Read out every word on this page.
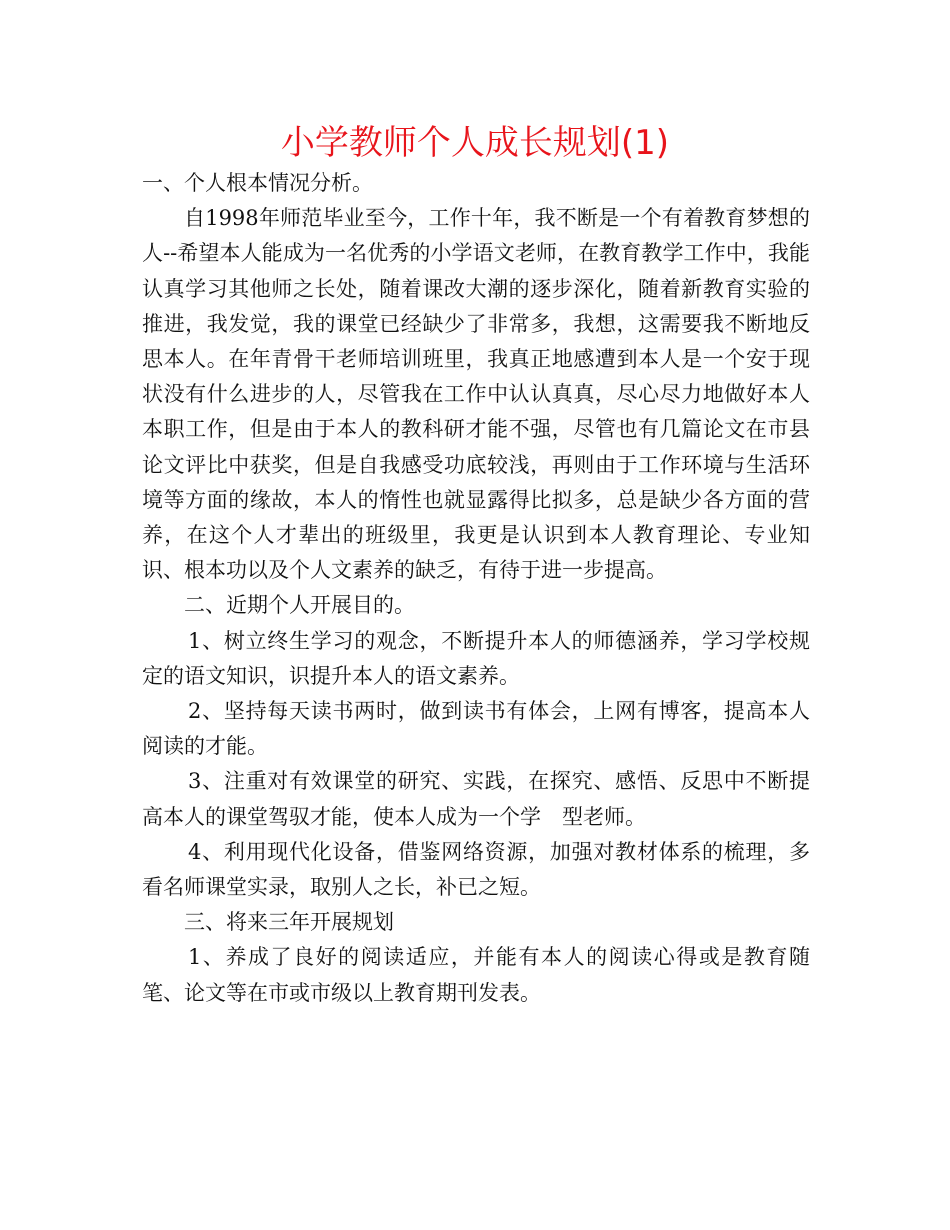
小学教师个人成长规划(1)

一、个人根本情况分析。

自1998年师范毕业至今，工作十年，我不断是一个有着教育梦想的人--希望本人能成为一名优秀的小学语文老师，在教育教学工作中，我能认真学习其他师之长处，随着课改大潮的逐步深化，随着新教育实验的推进，我发觉，我的课堂已经缺少了非常多，我想，这需要我不断地反思本人。在年青骨干老师培训班里，我真正地感遭到本人是一个安于现状没有什么进步的人，尽管我在工作中认认真真，尽心尽力地做好本人本职工作，但是由于本人的教科研才能不强，尽管也有几篇论文在市县论文评比中获奖，但是自我感受功底较浅，再则由于工作环境与生活环境等方面的缘故，本人的惰性也就显露得比拟多，总是缺少各方面的营养，在这个人才辈出的班级里，我更是认识到本人教育理论、专业知识、根本功以及个人文素养的缺乏，有待于进一步提高。

二、近期个人开展目的。

1、树立终生学习的观念，不断提升本人的师德涵养，学习学校规定的语文知识，识提升本人的语文素养。

2、坚持每天读书两时，做到读书有体会，上网有博客，提高本人阅读的才能。

3、注重对有效课堂的研究、实践，在探究、感悟、反思中不断提高本人的课堂驾驭才能，使本人成为一个学　型老师。

4、利用现代化设备，借鉴网络资源，加强对教材体系的梳理，多看名师课堂实录，取别人之长，补已之短。

三、将来三年开展规划

1、养成了良好的阅读适应，并能有本人的阅读心得或是教育随笔、论文等在市或市级以上教育期刊发表。
